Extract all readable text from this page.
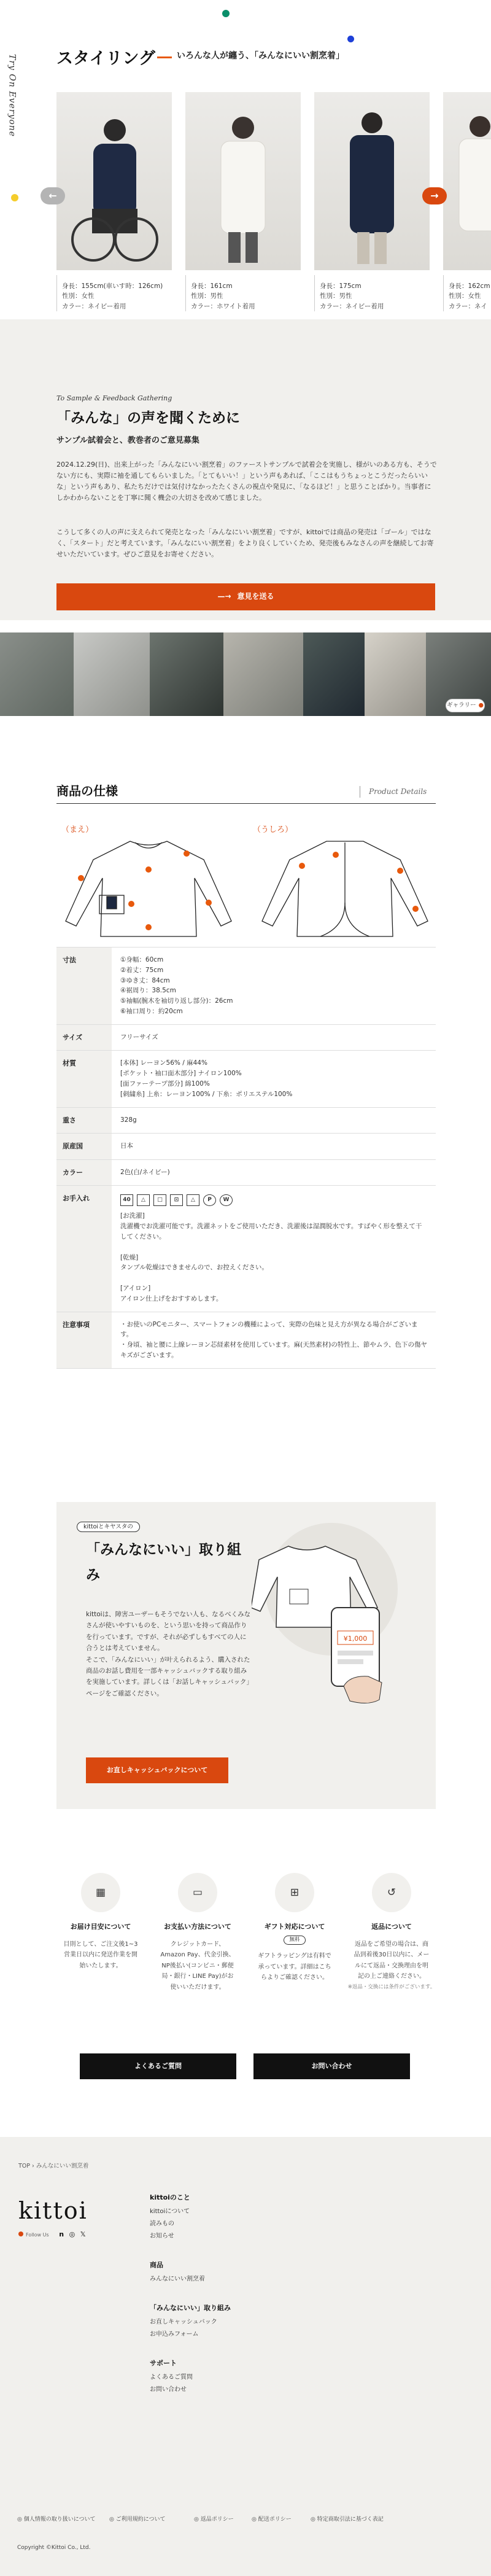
Try On Everyone スタイリング	いろんな人が纏う、「みんなにいい割烹着」
身長：155cm(車いす時：126cm)
性別：女性
カラー：ネイビー着用
身長：161cm
性別：男性
カラー：ホワイト着用
身長：175cm
性別：男性
カラー：ネイビー着用
身長：162cm
性別：女性
カラー：ネイ
←	→
To Sample & Feedback Gathering
「みんな」の声を聞くために
サンプル試着会と、教巻者のご意見募集
2024.12.29(日)、出来上がった「みんなにいい割烹着」のファーストサンプルで試着会を実施し、様がいのある方も、そうでない方にも、実際に袖を通してもらいました。「とてもいい！」という声もあれば、「ここはもうちょっとこうだったらいいな」という声もあり、私たちだけでは気付けなかったたくさんの視点や発見に、「なるほど！」と思うことばかり。当事者にしかわからないことを丁寧に聞く機会の大切さを改めて感じました。
こうして多くの人の声に支えられて発売となった「みんなにいい割烹着」ですが、kittoiでは商品の発売は「ゴール」ではなく、「スタート」だと考えています。「みんなにいい割烹着」をより良くしていくため、発売後もみなさんの声を継続してお寄せいただいています。ぜひご意見をお寄せください。
—→ 意見を送る
ギャラリー ●
商品の仕様	Product Details
（まえ）	（うしろ）
寸法	①身幅：60cm
②着丈：75cm
③ゆき丈：84cm
④裾周り：38.5cm
⑤袖幅(腕木を袖切り返し部分)：26cm
⑥袖口周り：約20cm
サイズ	フリーサイズ
材質	[本体] レーヨン56% / 麻44%
[ポケット・袖口面木部分] ナイロン100%
[面ファーテープ部分] 綿100%
[刺繍糸] 上糸：レーヨン100% / 下糸：ポリエステル100%
重さ	328g
原産国	日本
カラー	2色(白/ネイビー)
お手入れ	40	△	□	⊡	△	P	W
[お洗濯]
洗濯機でお洗濯可能です。洗濯ネットをご使用いただき、洗濯後は湿潤脱水です。すばやく形を整えて干してください。

[乾燥]
タンブル乾燥はできませんので、お控えください。

[アイロン]
アイロン仕上げをおすすめします。
注意事項	・お使いのPCモニター、スマートフォンの機種によって、実際の色味と見え方が異なる場合がございます。
・身頃、袖と腰に上線レーヨン芯経素材を使用しています。麻(天然素材)の特性上、節やムラ、色下の傷ヤキズがございます。
kittoiとキヤスタの
「みんなにいい」取り組
み
kittoiは、障害ユーザーもそうでない人も、なるべくみなさんが使いやすいものを、という思いを持って商品作りを行っています。ですが、それが必ずしもすべての人に合うとは考えていません。
そこで、「みんなにいい」が叶えられるよう、購入された商品のお話し費用を一部キャッシュバックする取り組みを実施しています。詳しくは「お話しキャッシュバック」ページをご確認ください。
お直しキャッシュバックについて
¥1,000
▦
お届け目安について
目則として、ご注文後1~3営業日以内に発送作業を開始いたします。
▭
お支払い方法について
クレジットカード、Amazon Pay、代金引換、NP後払い(コンビニ・郵便局・銀行・LINE Pay)がお使いいただけます。
⊞
ギフト対応について
無料
ギフトラッピングは有料で承っています。詳細はこちらよりご確認ください。
↺
返品について
返品をご希望の場合は、商品到着後30日以内に、メールにて返品・交換理由を明記の上ご連絡ください。
※返品・交換には条件がございます。
よくあるご質問	お問い合わせ
TOP › みんなにいい割烹着
kittoi
Follow Us n ◎ 𝕏
kittoiのこと
kittoiについて
読みもの
お知らせ
商品
みんなにいい割烹着
「みんなにいい」取り組み
お直しキャッシュバック
お申込みフォーム
サポート
よくあるご質問
お問い合わせ
◎ 個人情報の取り扱いについて ◎ ご利用規約について	◎ 返品ポリシー	◎ 配送ポリシー	◎ 特定商取引法に基づく表記
Copyright ©Kittoi Co., Ltd.
